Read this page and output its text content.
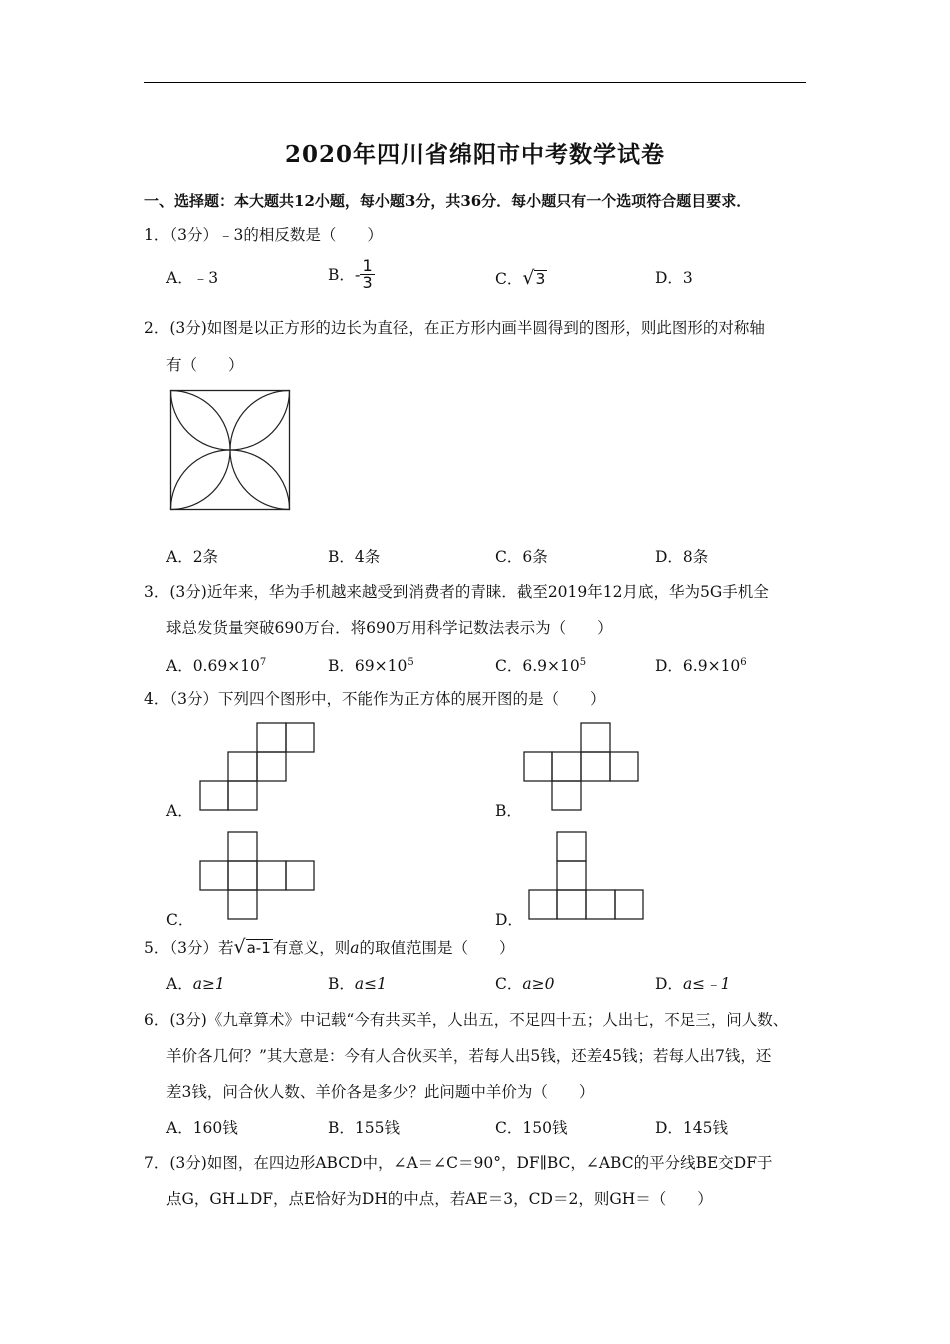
2020年四川省绵阳市中考数学试卷
一、选择题：本大题共12小题，每小题3分，共36分．每小题只有一个选项符合题目要求．
1．（3分）﹣3的相反数是（　　）
A．﹣3	B．- $\frac{1}{3}$	C．√3	D．3
2．(3分)如图是以正方形的边长为直径，在正方形内画半圆得到的图形，则此图形的对称轴
有（　　）
A．2条	B．4条	C．6条	D．8条
3．(3分)近年来，华为手机越来越受到消费者的青睐．截至2019年12月底，华为5G手机全
球总发货量突破690万台．将690万用科学记数法表示为（　　）
A．$0.69\times 10^7$	B．$69\times 10^5$	C．$6.9\times 10^5$	D．$6.9\times 10^6$
4．（3分）下列四个图形中，不能作为正方体的展开图的是（　　）
A．	B．
C．	D．
5．（3分）若√a-1 有意义，则a的取值范围是（　　）
A．a≥1	B．a≤1	C．a≥0	D．a≤﹣1
6．(3分)《九章算术》中记载“今有共买羊，人出五，不足四十五；人出七，不足三，问人数、
羊价各几何？”其大意是：今有人合伙买羊，若每人出5钱，还差45钱；若每人出7钱，还
差3钱，问合伙人数、羊价各是多少？此问题中羊价为（　　）
A．160钱	B．155钱	C．150钱	D．145钱
7．(3分)如图，在四边形ABCD中，∠A＝∠C＝90°，DF∥BC，∠ABC的平分线BE交DF于
点G，GH⊥DF，点E恰好为DH的中点，若AE＝3，CD＝2，则GH＝（　　）
